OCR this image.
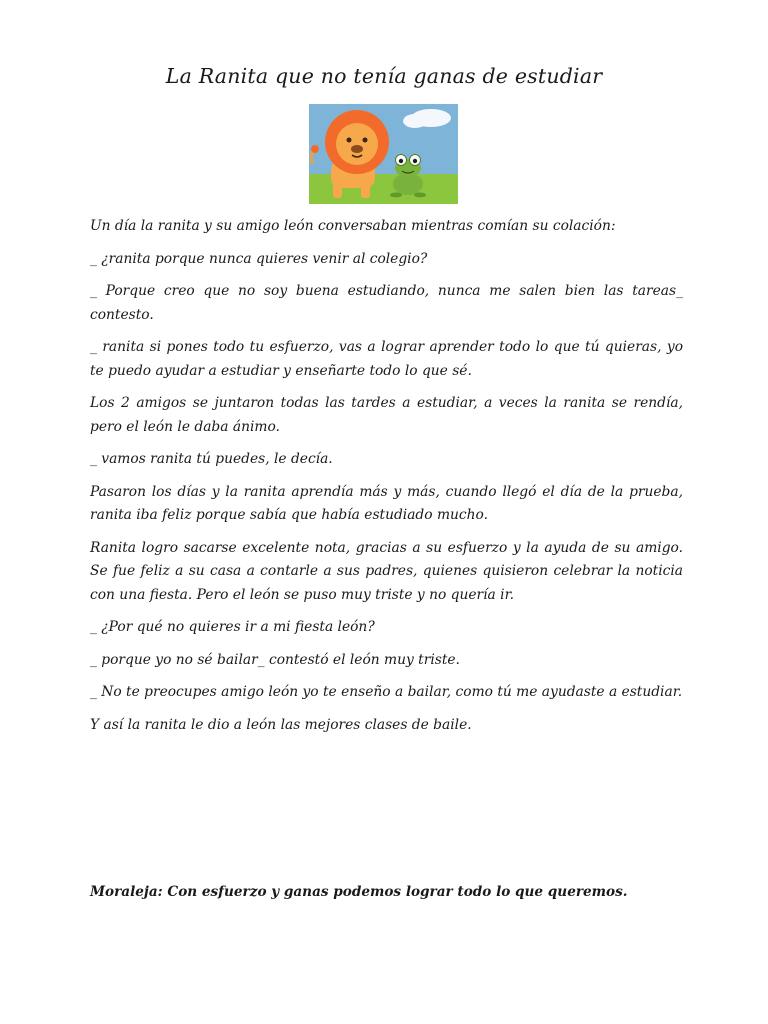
La Ranita que no tenía ganas de estudiar

Un día la ranita y su amigo león conversaban mientras comían su colación:

_ ¿ranita porque nunca quieres venir al colegio?

_ Porque creo que no soy buena estudiando, nunca me salen bien las tareas_ contesto.

_ ranita si pones todo tu esfuerzo, vas a lograr aprender todo lo que tú quieras, yo te puedo ayudar a estudiar y enseñarte todo lo que sé.

Los 2 amigos se juntaron todas las tardes a estudiar, a veces la ranita se rendía, pero el león le daba ánimo.

_ vamos ranita tú puedes, le decía.

Pasaron los días y la ranita aprendía más y más, cuando llegó el día de la prueba, ranita iba feliz porque sabía que había estudiado mucho.

Ranita logro sacarse excelente nota, gracias a su esfuerzo y la ayuda de su amigo. Se fue feliz a su casa a contarle a sus padres, quienes quisieron celebrar la noticia con una fiesta. Pero el león se puso muy triste y no quería ir.

_ ¿Por qué no quieres ir a mi fiesta león?

_ porque yo no sé bailar_ contestó el león muy triste.

_ No te preocupes amigo león yo te enseño a bailar, como tú me ayudaste a estudiar.

Y así la ranita le dio a león las mejores clases de baile.

Moraleja: Con esfuerzo y ganas podemos lograr todo lo que queremos.
